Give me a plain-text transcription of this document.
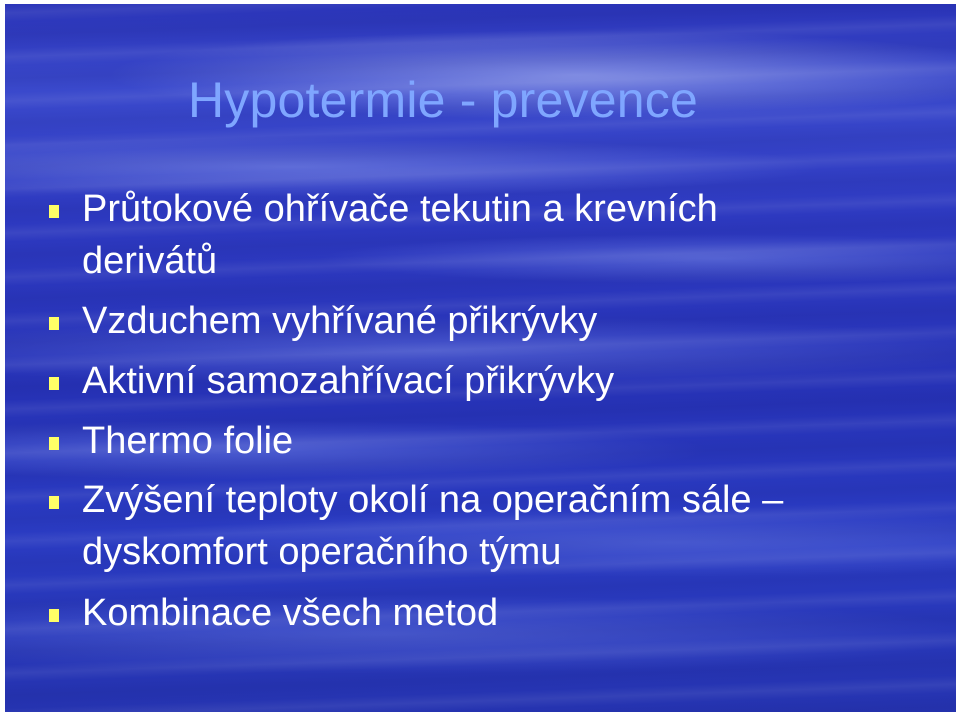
Hypotermie - prevence
Průtokové ohřívače tekutin a krevních
derivátů
Vzduchem vyhřívané přikrývky
Aktivní samozahřívací přikrývky
Thermo folie
Zvýšení teploty okolí na operačním sále –
dyskomfort operačního týmu
Kombinace všech metod
